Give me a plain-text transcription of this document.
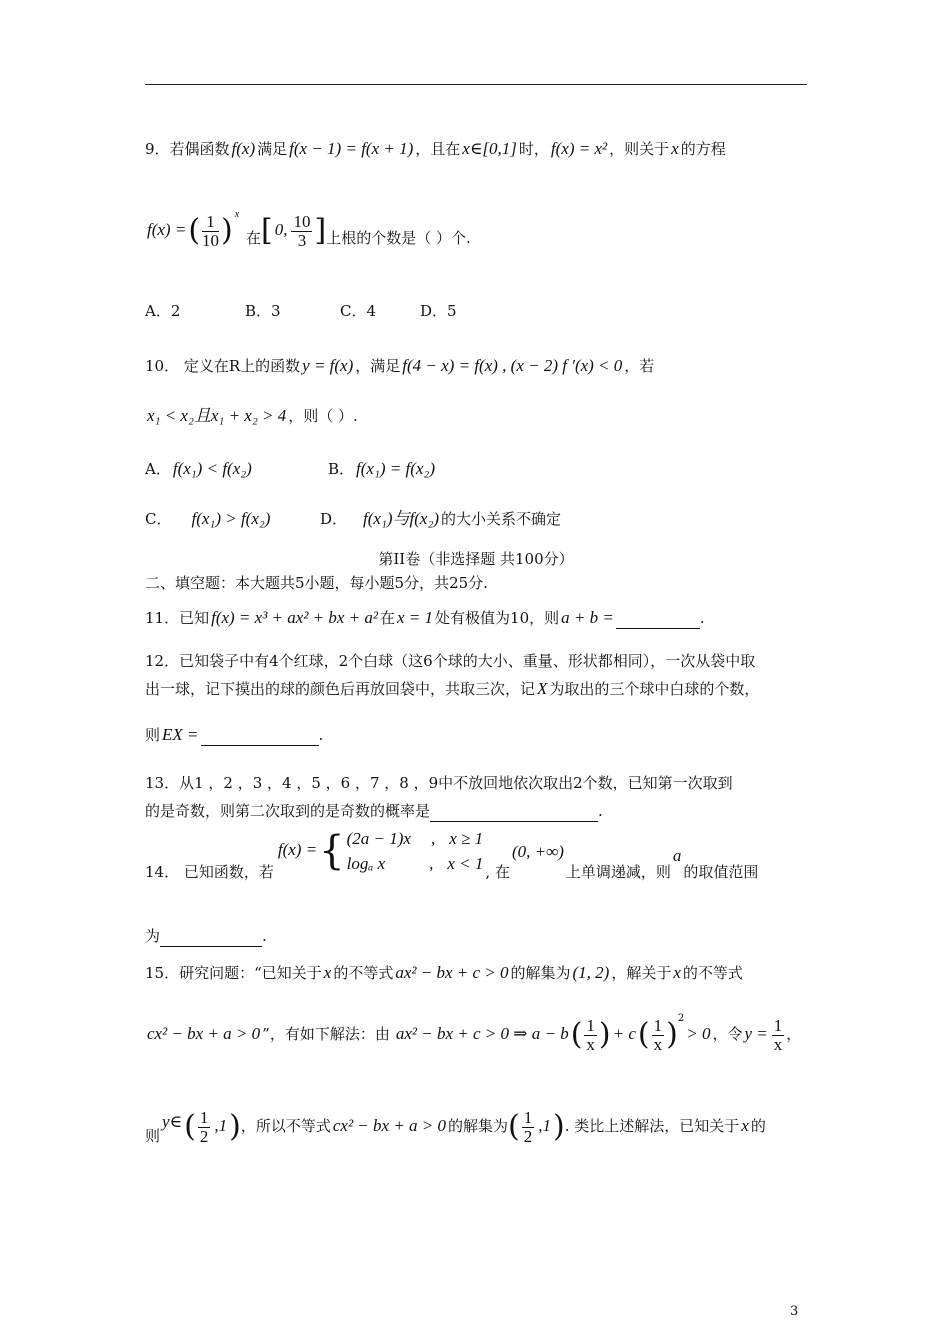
9．若偶函数 f(x) 满足 f(x − 1) = f(x + 1) ，且在 x∈[0,1] 时， f(x) = x² ，则关于 x 的方程
f(x) =( $\frac{1}{10}$ ) $^x$ 在[ 0, $\frac{10}{3}$ ]上根的个数是（ ）个.
A．2	B．3	C．4	D．5
10． 定义在R上的函数 y = f(x) ，满足 f(4 − x) = f(x) , (x − 2) f ′(x) < 0 ，若
x₁ < x₂且x₁ + x₂ > 4 ，则（ ）.
A． f(x₁) < f(x₂)	B． f(x₁) = f(x₂)
C． f(x₁) > f(x₂)	D． f(x₁)与f(x₂) 的大小关系不确定
第II卷（非选择题 共100分）
二、填空题：本大题共5小题，每小题5分，共25分.
11．已知 f(x) = x³ + ax² + bx + a² 在 x = 1 处有极值为10，则 a + b =	.
12．已知袋子中有4个红球，2个白球（这6个球的大小、重量、形状都相同），一次从袋中取
出一球，记下摸出的球的颜色后再放回袋中，共取三次，记 X 为取出的三个球中白球的个数，
则 EX =	.
13．从1 ，2 ，3 ，4 ，5 ，6 ，7 ，8 ，9中不放回地依次取出2个数，已知第一次取到
的是奇数，则第二次取到的是奇数的概率是	.
14． 已知函数，若f(x) ={ (2a − 1)x , x ≥ 1
logₐ x	, x < 1 , 在(0, +∞)上单调递减，则a的取值范围
为	.
15．研究问题：“已知关于 x 的不等式 ax² − bx + c > 0 的解集为 (1, 2) ，解关于 x 的不等式
cx² − bx + a > 0 ”，有如下解法：由 ax² − bx + c > 0 ⇒ $a - b( \frac{1}{x}$ ) + $c( \frac{1}{x} )^2> 0$ ，令 $y = \frac{1}{x}$ ，
则y∈( $\frac{1}{2} ,1$)，所以不等式 cx² − bx + a > 0 的解集为( $\frac{1}{2} ,1$). 类比上述解法，已知关于 x 的
3
